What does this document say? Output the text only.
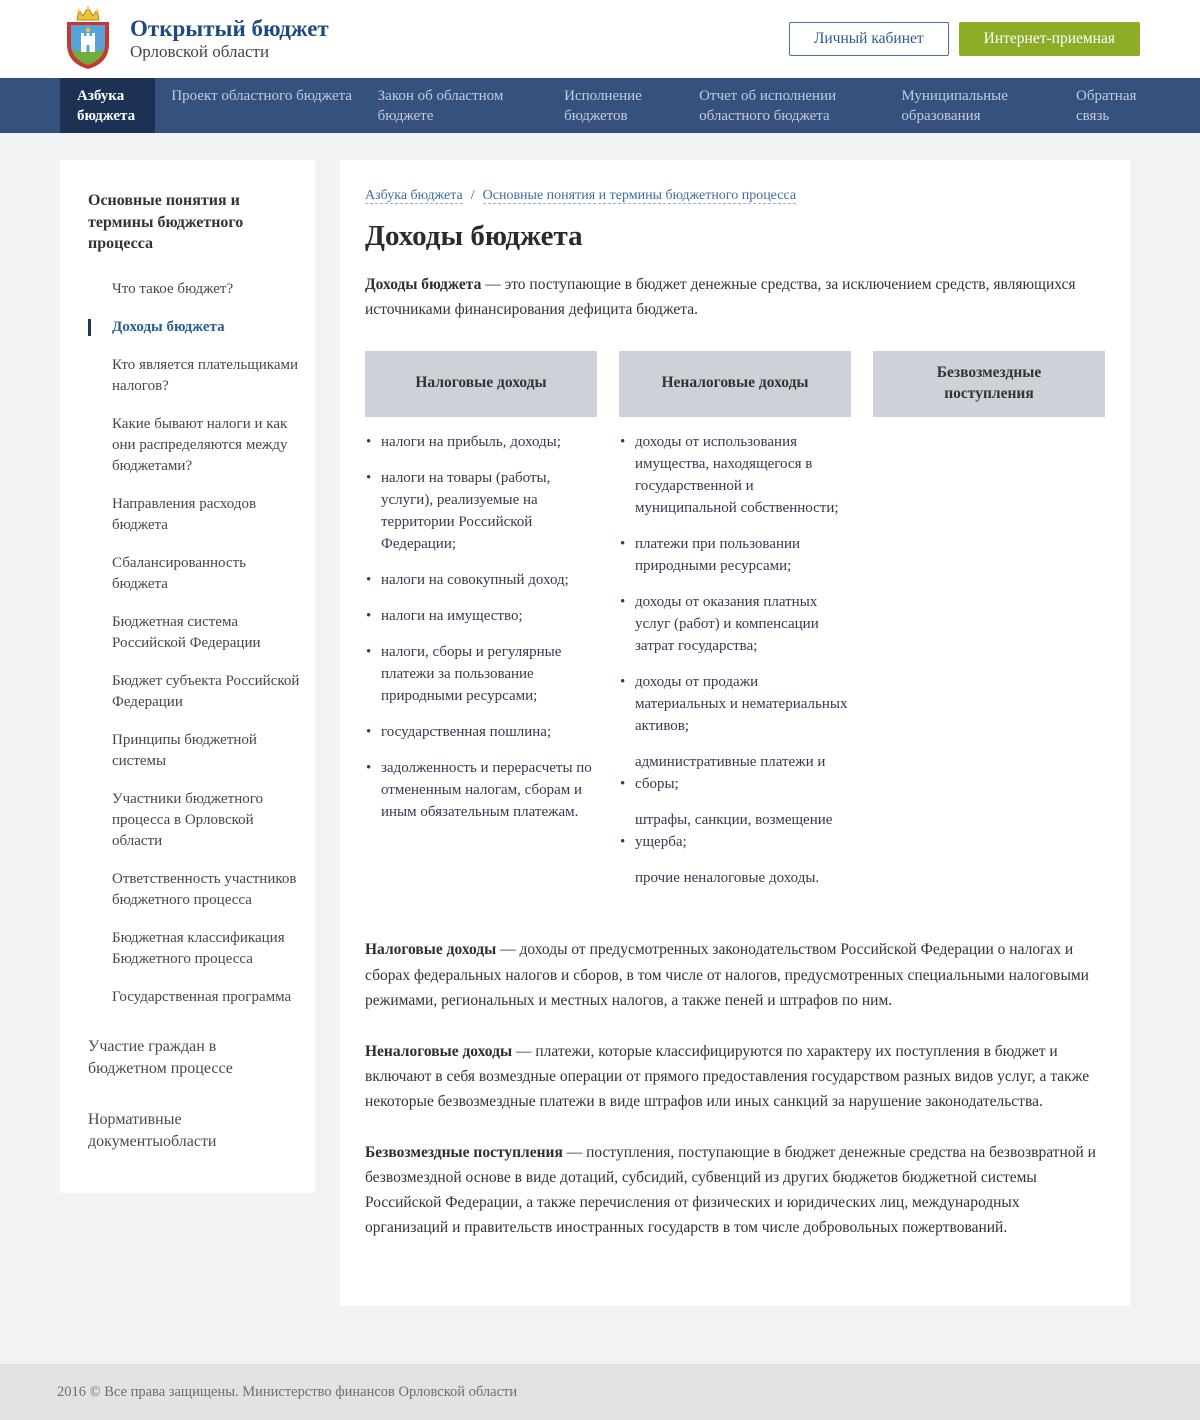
Открытый бюджет
Орловской области
Личный кабинет	Интернет-приемная
Азбука бюджета
Проект областного бюджета	Закон об областном бюджете
Исполнение бюджетов
Отчет об исполнении областного бюджета
Муниципальные образования
Обратная связь
Основные понятия и термины бюджетного процесса
Что такое бюджет?
Доходы бюджета
Кто является плательщиками налогов?
Какие бывают налоги и как они распределяются между бюджетами?
Направления расходов бюджета
Сбалансированность бюджета
Бюджетная система Российской Федерации
Бюджет субъекта Российской Федерации
Принципы бюджетной системы
Участники бюджетного процесса в Орловской области
Ответственность участников бюджетного процесса
Бюджетная классификация Бюджетного процесса
Государственная программа
Участие граждан в бюджетном процессе
Нормативные документыобласти
Азбука бюджета / Основные понятия и термины бюджетного процесса
Доходы бюджета

Доходы бюджета — это поступающие в бюджет денежные средства, за исключением средств, являющихся источниками финансирования дефицита бюджета.

Налоговые доходы
• налоги на прибыль, доходы;
• налоги на товары (работы, услуги), реализуемые на территории Российской Федерации;
• налоги на совокупный доход;
• налоги на имущество;
• налоги, сборы и регулярные платежи за пользование природными ресурсами;
• государственная пошлина;
• задолженность и перерасчеты по отмененным налогам, сборам и иным обязательным платежам.
Неналоговые доходы
• доходы от использования имущества, находящегося в государственной и муниципальной собственности;
• платежи при пользовании природными ресурсами;
• доходы от оказания платных услуг (работ) и компенсации затрат государства;
• доходы от продажи материальных и нематериальных активов;
административные платежи и
• сборы;
штрафы, санкции, возмещение
• ущерба;
прочие неналоговые доходы.
Безвозмездные поступления

Налоговые доходы — доходы от предусмотренных законодательством Российской Федерации о налогах и сборах федеральных налогов и сборов, в том числе от налогов, предусмотренных специальными налоговыми режимами, региональных и местных налогов, а также пеней и штрафов по ним.

Неналоговые доходы — платежи, которые классифицируются по характеру их поступления в бюджет и включают в себя возмездные операции от прямого предоставления государством разных видов услуг, а также некоторые безвозмездные платежи в виде штрафов или иных санкций за нарушение законодательства.

Безвозмездные поступления — поступления, поступающие в бюджет денежные средства на безвозвратной и безвозмездной основе в виде дотаций, субсидий, субвенций из других бюджетов бюджетной системы Российской Федерации, а также перечисления от физических и юридических лиц, международных организаций и правительств иностранных государств в том числе добровольных пожертвований.

2016 © Все права защищены. Министерство финансов Орловской области
